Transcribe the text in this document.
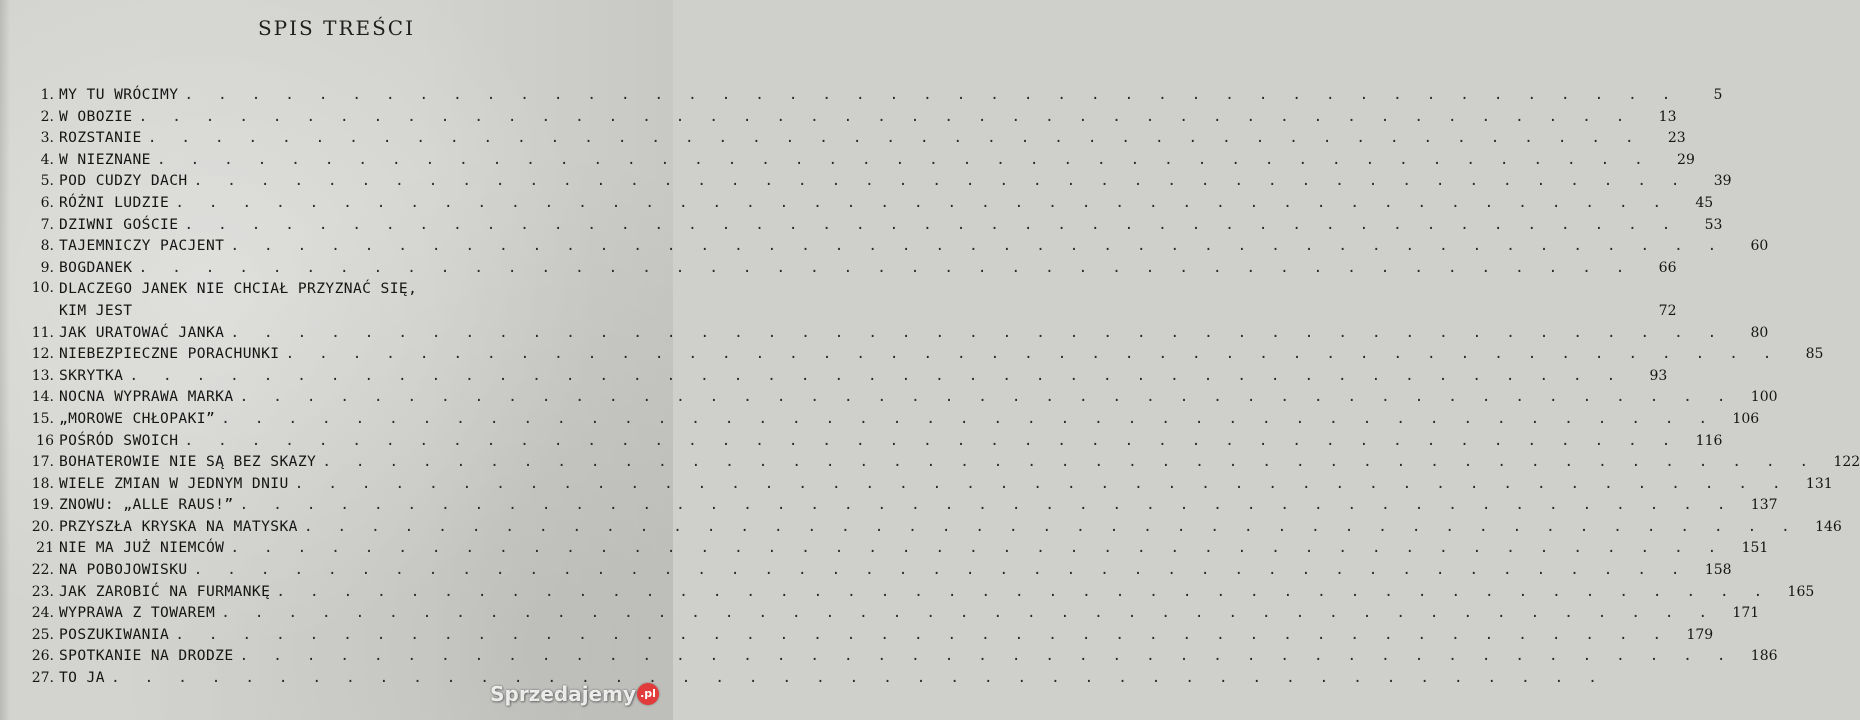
SPIS TREŚCI
1. MY TU WRÓCIMY . . .	5
2. W OBOZIE . . .	13
3. ROZSTANIE . . .	23
4. W NIEZNANE . . .	29
5. POD CUDZY DACH . . .	39
6. RÓŻNI LUDZIE . . .	45
7. DZIWNI GOŚCIE . . .	53
8. TAJEMNICZY PACJENT . . .	60
9. BOGDANEK . . .	66
10. DLACZEGO JANEK NIE CHCIAŁ PRZYZNAĆ SIĘ,
KIM JEST	72
11. JAK URATOWAĆ JANKA . . .	80
12. NIEBEZPIECZNE PORACHUNKI . . .	85
13. SKRYTKA . . .	93
14. NOCNA WYPRAWA MARKA . . .	100
15. „MOROWE CHŁOPAKI” . . .	106
16 POŚRÓD SWOICH . . .	116
17. BOHATEROWIE NIE SĄ BEZ SKAZY . . .	122
18. WIELE ZMIAN W JEDNYM DNIU . . .	131
19. ZNOWU: „ALLE RAUS!” . . .	137
20. PRZYSZŁA KRYSKA NA MATYSKA . . .	146
21 NIE MA JUŻ NIEMCÓW . . .	151
22. NA POBOJOWISKU . . .	158
23. JAK ZAROBIĆ NA FURMANKĘ . . .	165
24. WYPRAWA Z TOWAREM . . .	171
25. POSZUKIWANIA . . .	179
26. SPOTKANIE NA DRODZE . . .	186
27. TO JA
. . .
Sprzedajemy .pl
